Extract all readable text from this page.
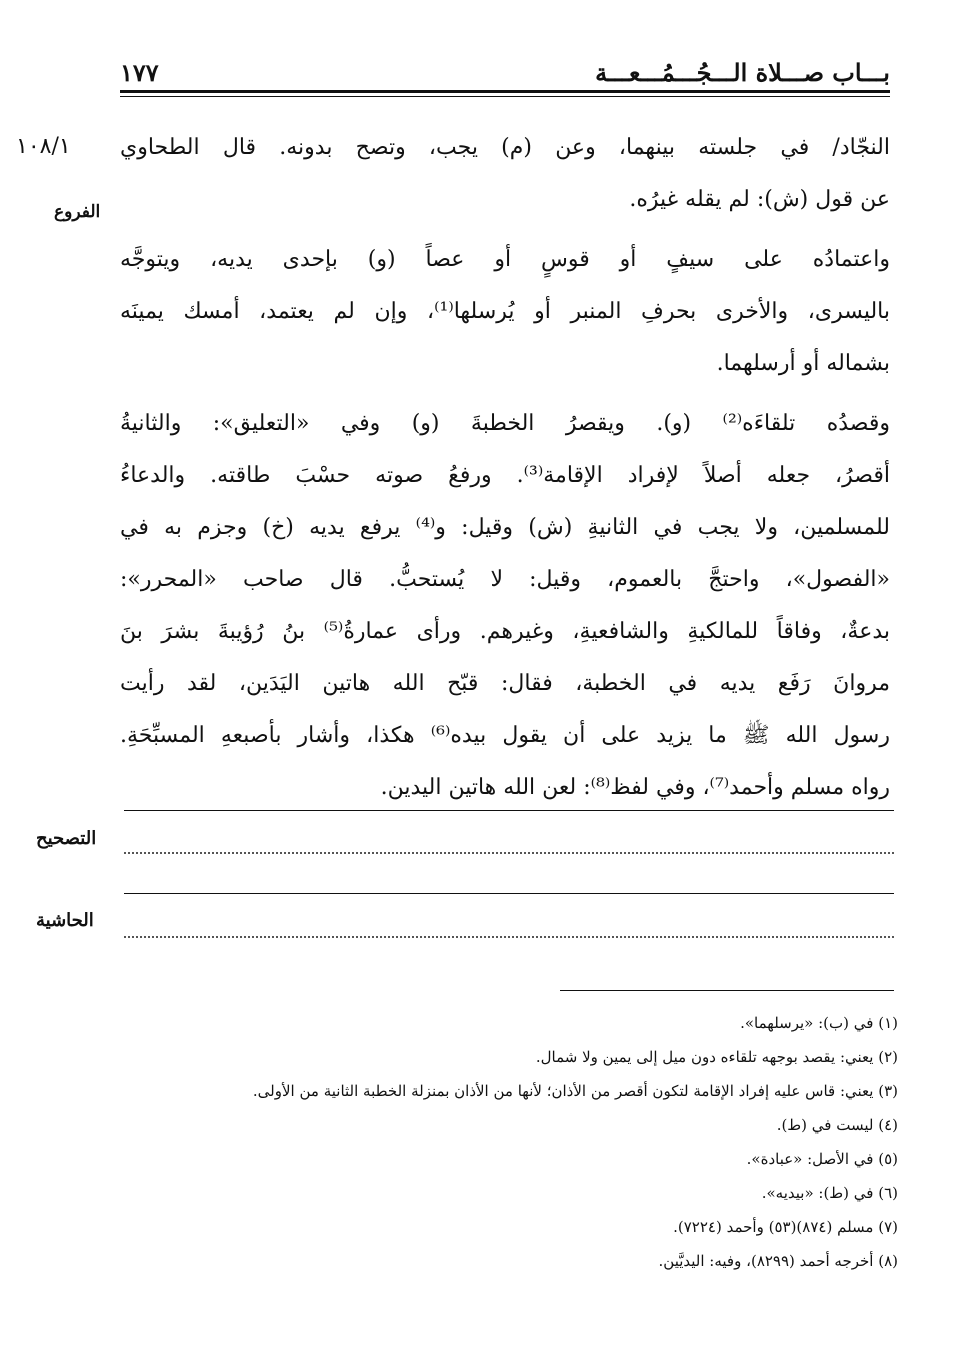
بـــاب صـــلاة الـــجُـــمُـــعـــة
١٧٧
١٠٨/١
الفروع
النجّاد/ في جلسته بينهما، وعن (م) يجب، وتصح بدونه. قال الطحاوي
عن قول (ش): لم يقله غيرُه.
واعتمادُه على سيفٍ أو قوسٍ أو عصاً (و) بإحدى يديه، ويتوجَّه
باليسرى، والأخرى بحرفِ المنبر أو يُرسلها⁽¹⁾، وإن لم يعتمد، أمسك يمينَه
بشماله أو أرسلهما.
وقصدُه تلقاءَه⁽²⁾ (و). ويقصرُ الخطبةَ (و) وفي «التعليق»: والثانيةُ
أقصرُ، جعله أصلاً لإفراد الإقامة⁽³⁾. ورفعُ صوته حسْبَ طاقته. والدعاءُ
للمسلمين، ولا يجب في الثانيةِ (ش) وقيل: و⁽⁴⁾ يرفع يديه (خ) وجزم به في
«الفصول»، واحتجَّ بالعموم، وقيل: لا يُستحبُّ. قال صاحب «المحرر»:
بدعةٌ، وفاقاً للمالكيةِ والشافعيةِ، وغيرهم. ورأى عمارةُ⁽⁵⁾ بنُ رُؤيبةَ بشرَ بنَ
مروانَ رَفَع يديه في الخطبة، فقال: قبّح الله هاتين اليَدَين، لقد رأيت
رسول الله ﷺ ما يزيد على أن يقول بيده⁽⁶⁾ هكذا، وأشار بأصبعهِ المسبِّحَةِ.
رواه مسلم وأحمد⁽⁷⁾، وفي لفظ⁽⁸⁾: لعن الله هاتين اليدين.
التصحيح
الحاشية
(١) في (ب): «يرسلهما».
(٢) يعني: يقصد بوجهه تلقاءه دون ميل إلى يمين ولا شمال.
(٣) يعني: قاس عليه إفراد الإقامة لتكون أقصر من الأذان؛ لأنها من الأذان بمنزلة الخطبة الثانية من الأولى.
(٤) ليست في (ط).
(٥) في الأصل: «عبادة».
(٦) في (ط): «بيديه».
(٧) مسلم (٨٧٤)(٥٣) وأحمد (٧٢٢٤).
(٨) أخرجه أحمد (٨٢٩٩)، وفيه: اليديَّين.
